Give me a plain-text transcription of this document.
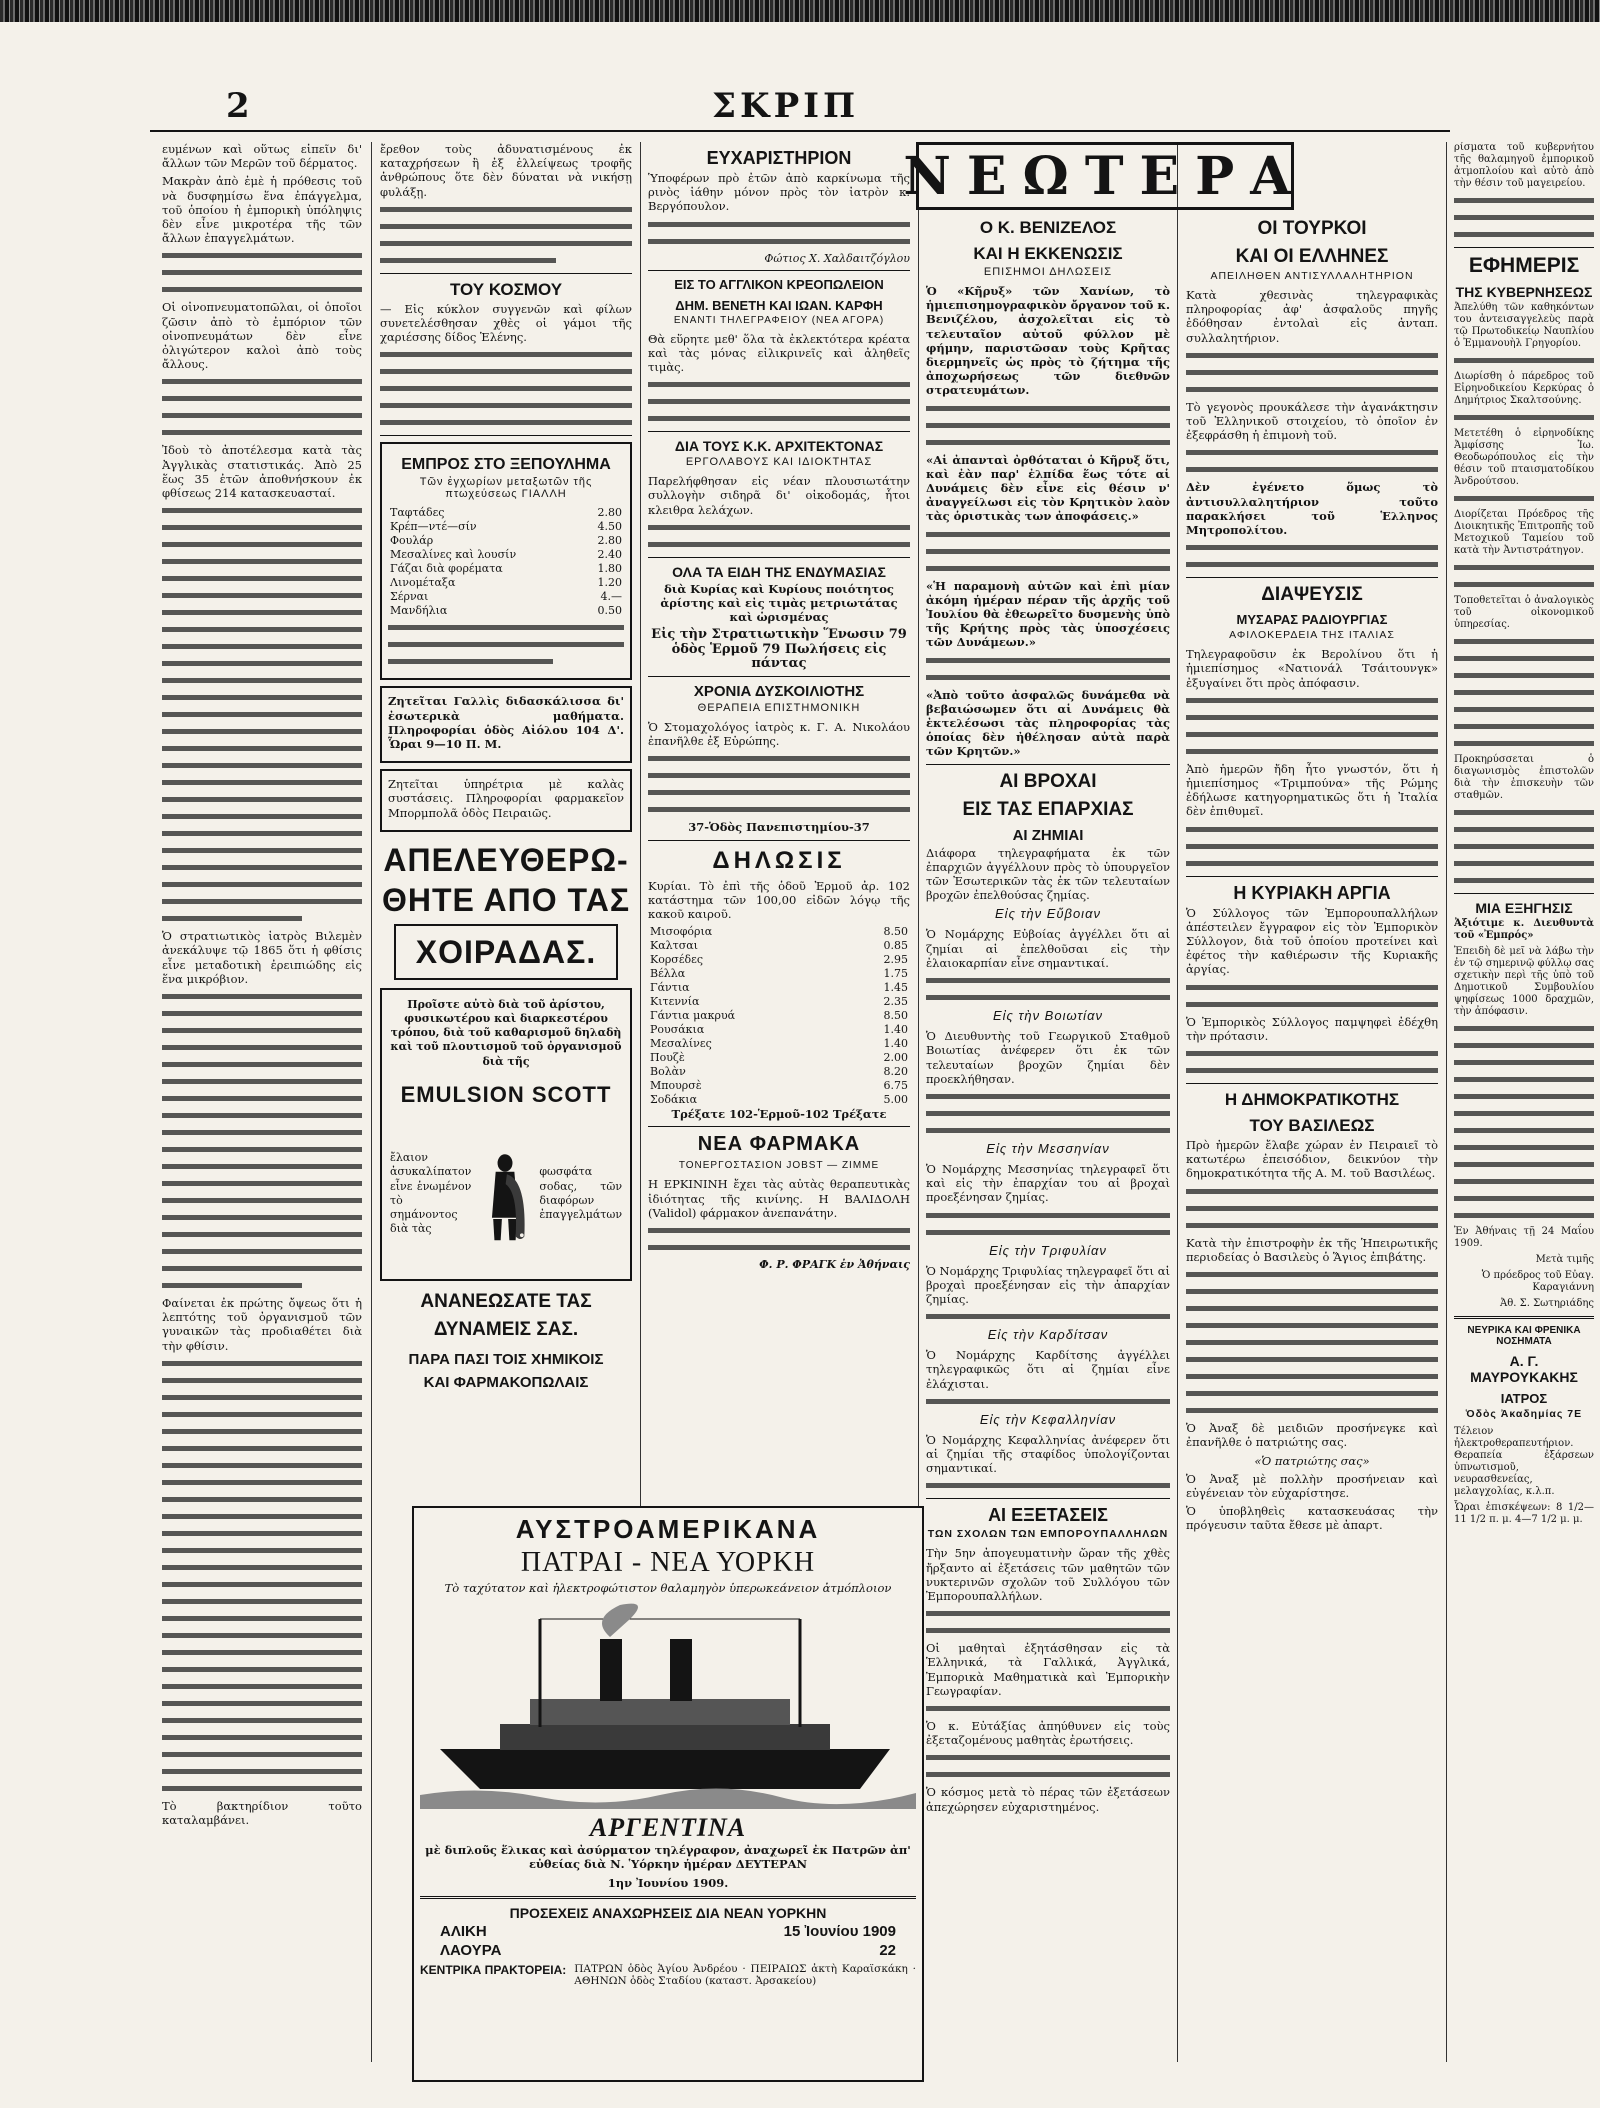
2	ΣΚΡΙΠ

ευμένων καὶ οὕτως εἰπεῖν δι' ἄλλων τῶν Μερῶν τοῦ δέρματος.

Μακρὰν ἀπὸ ἐμὲ ἡ πρόθεσις τοῦ νὰ δυσφημίσω ἕνα ἐπάγγελμα, τοῦ ὁποίου ἡ ἐμπορικὴ ὑπόληψις δὲν εἶνε μικροτέρα τῆς τῶν ἄλλων ἐπαγγελμάτων.

Οἱ οἰνοπνευματοπῶλαι, οἱ ὁποῖοι ζῶσιν ἀπὸ τὸ ἐμπόριον τῶν οἰνοπνευμάτων δὲν εἶνε ὀλιγώτερον καλοὶ ἀπὸ τοὺς ἄλλους.

Ἰδοὺ τὸ ἀποτέλεσμα κατὰ τὰς Ἀγγλικὰς στατιστικάς. Ἀπὸ 25 ἕως 35 ἐτῶν ἀποθνήσκουν ἐκ φθίσεως 214 κατασκευασταί.

Ὁ στρατιωτικὸς ἰατρὸς Βιλεμὲν ἀνεκάλυψε τῷ 1865 ὅτι ἡ φθίσις εἶνε μεταδοτικὴ ἐρειπιώδης εἰς ἕνα μικρόβιον.

Φαίνεται ἐκ πρώτης ὄψεως ὅτι ἡ λεπτότης τοῦ ὀργανισμοῦ τῶν γυναικῶν τὰς προδιαθέτει διὰ τὴν φθίσιν.

Τὸ βακτηρίδιον τοῦτο καταλαμβάνει.

ἔρεθον τοὺς ἀδυνατισμένους ἐκ καταχρήσεων ἢ ἐξ ἐλλείψεως τροφῆς ἀνθρώπους ὅτε δὲν δύναται νὰ νικήσῃ φυλάξῃ.

ΤΟΥ ΚΟΣΜΟΥ

— Εἰς κύκλον συγγενῶν καὶ φίλων συνετελέσθησαν χθὲς οἱ γάμοι τῆς χαριέσσης δίδος Ἑλένης.

ΕΜΠΡΟΣ ΣΤΟ ΞΕΠΟΥΛΗΜΑ
Τῶν ἐγχωρίων μεταξωτῶν τῆς πτωχεύσεως ΓΙΑΛΛΗ
Ταφτάδες	2.80
Κρέπ—ντέ—σίν	4.50
Φουλάρ	2.80
Μεσαλίνες καὶ λουσίν	2.40
Γάζαι διὰ φορέματα	1.80
Λινομέταξα	1.20
Σέρναι	4.—
Μανδήλια	0.50

Ζητεῖται Γαλλὶς διδασκάλισσα δι' ἐσωτερικὰ μαθήματα. Πληροφορίαι ὁδὸς Αἰόλου 104 Δ'. Ὧραι 9—10 Π. Μ.

Ζητεῖται ὑπηρέτρια μὲ καλὰς συστάσεις. Πληροφορίαι φαρμακεῖον Μπορμπολᾶ ὁδὸς Πειραιῶς.

ΑΠΕΛΕΥΘΕΡΩ-
ΘΗΤΕ ΑΠΟ ΤΑΣ
ΧΟΙΡΑΔΑΣ.

Προῖστε αὐτὸ διὰ τοῦ ἀρίστου, φυσικωτέρου καὶ διαρκεστέρου τρόπου, διὰ τοῦ καθαρισμοῦ δηλαδὴ καὶ τοῦ πλουτισμοῦ τοῦ ὀργανισμοῦ διὰ τῆς

EMULSION SCOTT

ἔλαιον ἀσυκαλίπατον εἶνε ἑνωμένον τὸ σημάνοντος διὰ τὰς

φωσφάτα σοδας, τῶν διαφόρων ἐπαγγελμάτων

ΑΝΑΝΕΩΣΑΤΕ ΤΑΣ
ΔΥΝΑΜΕΙΣ ΣΑΣ.
ΠΑΡΑ ΠΑΣΙ ΤΟΙΣ ΧΗΜΙΚΟΙΣ
ΚΑΙ ΦΑΡΜΑΚΟΠΩΛΑΙΣ
ΕΥΧΑΡΙΣΤΗΡΙΟΝ

Ὑποφέρων πρὸ ἐτῶν ἀπὸ καρκίνωμα τῆς ρινὸς ἰάθην μόνον πρὸς τὸν ἰατρὸν κ. Βεργόπουλον.

Φώτιος Χ. Χαλδαιτζόγλου
ΕΙΣ ΤΟ ΑΓΓΛΙΚΟΝ ΚΡΕΟΠΩΛΕΙΟΝ
ΔΗΜ. ΒΕΝΕΤΗ ΚΑΙ ΙΩΑΝ. ΚΑΡΦΗ
ΕΝΑΝΤΙ ΤΗΛΕΓΡΑΦΕΙΟΥ (ΝΕΑ ΑΓΟΡΑ)

Θὰ εὕρητε μεθ' ὅλα τὰ ἐκλεκτότερα κρέατα καὶ τὰς μόνας εἰλικρινεῖς καὶ ἀληθεῖς τιμὰς.

ΔΙΑ ΤΟΥΣ Κ.Κ. ΑΡΧΙΤΕΚΤΟΝΑΣ
ΕΡΓΟΛΑΒΟΥΣ ΚΑΙ ΙΔΙΟΚΤΗΤΑΣ

Παρελήφθησαν εἰς νέαν πλουσιωτάτην συλλογὴν σιδηρᾶ δι' οἰκοδομάς, ἧτοι κλειθρα λελάχων.

ΟΛΑ ΤΑ ΕΙΔΗ ΤΗΣ ΕΝΔΥΜΑΣΙΑΣ

διὰ Κυρίας καὶ Κυρίους ποιότητος ἀρίστης καὶ εἰς τιμὰς μετριωτάτας καὶ ὡρισμένας

Εἰς τὴν Στρατιωτικὴν Ἕνωσιν 79 ὁδὸς Ἑρμοῦ 79 Πωλήσεις εἰς πάντας

ΧΡΟΝΙΑ ΔΥΣΚΟΙΛΙΟΤΗΣ
ΘΕΡΑΠΕΙΑ ΕΠΙΣΤΗΜΟΝΙΚΗ

Ὁ Στομαχολόγος ἰατρὸς κ. Γ. Α. Νικολάου ἐπανῆλθε ἐξ Εὐρώπης.

37-Ὁδὸς Πανεπιστημίου-37

ΔΗΛΩΣΙΣ

Κυρίαι. Τὸ ἐπὶ τῆς ὁδοῦ Ἑρμοῦ ἀρ. 102 κατάστημα τῶν 100,00 εἰδῶν λόγῳ τῆς κακοῦ καιροῦ.

Μισοφόρια	8.50
Καλτσαι	0.85
Κορσέδες	2.95
Βέλλα	1.75
Γάντια	1.45
Κιτεννία	2.35
Γάντια μακρυά	8.50
Ρουσάκια	1.40
Μεσαλίνες	1.40
Πουζὲ	2.00
Βολὰν	8.20
Μπουρσὲ	6.75
Σοδάκια	5.00

Τρέξατε 102-Ἑρμοῦ-102 Τρέξατε

ΝΕΑ ΦΑΡΜΑΚΑ
ΤΟΝΕΡΓΟΣΤΑΣΙΟΝ JOBST — ZIMME

Η ΕΡΚΙΝΙΝΗ ἔχει τὰς αὐτὰς θεραπευτικὰς ἰδιότητας τῆς κινίνης. Η ΒΑΛΙΔΟΛΗ (Validol) φάρμακον ἀνεπανάτην.

Φ. Ρ. ΦΡΑΓΚ ἐν Ἀθήναις
ΑΥΣΤΡΟΑΜΕΡΙΚΑΝΑ
ΠΑΤΡΑΙ - ΝΕΑ ΥΟΡΚΗ

Τὸ ταχύτατον καὶ ἠλεκτροφώτιστον θαλαμηγὸν ὑπερωκεάνειον ἀτμόπλοιον

ΑΡΓΕΝΤΙΝΑ

μὲ διπλοῦς ἕλικας καὶ ἀσύρματον τηλέγραφον, ἀναχωρεῖ ἐκ Πατρῶν ἀπ' εὐθείας διὰ Ν. Ὑόρκην ἡμέραν ΔΕΥΤΕΡΑΝ

1ην Ἰουνίου 1909.

ΠΡΟΣΕΧΕΙΣ ΑΝΑΧΩΡΗΣΕΙΣ ΔΙΑ ΝΕΑΝ ΥΟΡΚΗΝ
ΑΛΙΚΗ	15 Ἰουνίου 1909
ΛΑΟΥΡΑ	22
ΚΕΝΤΡΙΚΑ ΠΡΑΚΤΟΡΕΙΑ: ΠΑΤΡΩΝ ὁδὸς Ἁγίου Ἀνδρέου · ΠΕΙΡΑΙΩΣ ἀκτὴ Καραϊσκάκη · ΑΘΗΝΩΝ ὁδὸς Σταδίου (καταστ. Ἀρσακείου)
ΝΕΩΤΕΡΑ
Ο Κ. ΒΕΝΙΖΕΛΟΣ
ΚΑΙ Η ΕΚΚΕΝΩΣΙΣ
ΕΠΙΣΗΜΟΙ ΔΗΛΩΣΕΙΣ

Ὁ «Κῆρυξ» τῶν Χανίων, τὸ ἡμιεπισημογραφικὸν ὄργανον τοῦ κ. Βενιζέλου, ἀσχολεῖται εἰς τὸ τελευταῖον αὐτοῦ φύλλον μὲ φήμην, παριστῶσαν τοὺς Κρῆτας διερμηνεῖς ὡς πρὸς τὸ ζήτημα τῆς ἀποχωρήσεως τῶν διεθνῶν στρατευμάτων.

«Αἱ ἀπανταὶ ὀρθόταται ὁ Κῆρυξ ὅτι, καὶ ἐὰν παρ' ἐλπίδα ἕως τότε αἱ Δυνάμεις δὲν εἶνε εἰς θέσιν ν' ἀναγγείλωσι εἰς τὸν Κρητικὸν λαὸν τὰς ὁριστικὰς των ἀποφάσεις.»

«Ἡ παραμονὴ αὐτῶν καὶ ἐπὶ μίαν ἀκόμη ἡμέραν πέραν τῆς ἀρχῆς τοῦ Ἰουλίου θὰ ἐθεωρεῖτο δυσμενὴς ὑπὸ τῆς Κρήτης πρὸς τὰς ὑποσχέσεις τῶν Δυνάμεων.»

«Ἀπὸ τοῦτο ἀσφαλῶς δυνάμεθα νὰ βεβαιώσωμεν ὅτι αἱ Δυνάμεις θὰ ἐκτελέσωσι τὰς πληροφορίας τὰς ὁποίας δὲν ἠθέλησαν αὐτὰ παρὰ τῶν Κρητῶν.»

ΑΙ ΒΡΟΧΑΙ
ΕΙΣ ΤΑΣ ΕΠΑΡΧΙΑΣ
ΑΙ ΖΗΜΙΑΙ

Διάφορα τηλεγραφήματα ἐκ τῶν ἐπαρχιῶν ἀγγέλλουν πρὸς τὸ ὑπουργεῖον τῶν Ἐσωτερικῶν τὰς ἐκ τῶν τελευταίων βροχῶν ἐπελθούσας ζημίας.

Εἰς τὴν Εὔβοιαν

Ὁ Νομάρχης Εὐβοίας ἀγγέλλει ὅτι αἱ ζημίαι αἱ ἐπελθοῦσαι εἰς τὴν ἐλαιοκαρπίαν εἶνε σημαντικαί.

Εἰς τὴν Βοιωτίαν

Ὁ Διευθυντὴς τοῦ Γεωργικοῦ Σταθμοῦ Βοιωτίας ἀνέφερεν ὅτι ἐκ τῶν τελευταίων βροχῶν ζημίαι δὲν προεκλήθησαν.

Εἰς τὴν Μεσσηνίαν

Ὁ Νομάρχης Μεσσηνίας τηλεγραφεῖ ὅτι καὶ εἰς τὴν ἐπαρχίαν του αἱ βροχαὶ προεξένησαν ζημίας.

Εἰς τὴν Τριφυλίαν

Ὁ Νομάρχης Τριφυλίας τηλεγραφεῖ ὅτι αἱ βροχαὶ προεξένησαν εἰς τὴν ἀπαρχίαν ζημίας.

Εἰς τὴν Καρδίτσαν

Ὁ Νομάρχης Καρδίτσης ἀγγέλλει τηλεγραφικῶς ὅτι αἱ ζημίαι εἶνε ἐλάχισται.

Εἰς τὴν Κεφαλληνίαν

Ὁ Νομάρχης Κεφαλληνίας ἀνέφερεν ὅτι αἱ ζημίαι τῆς σταφίδος ὑπολογίζονται σημαντικαί.

ΑΙ ΕΞΕΤΑΣΕΙΣ
ΤΩΝ ΣΧΟΛΩΝ ΤΩΝ ΕΜΠΟΡΟΥΠΑΛΛΗΛΩΝ

Τὴν 5ην ἀπογευματινὴν ὥραν τῆς χθὲς ἤρξαντο αἱ ἐξετάσεις τῶν μαθητῶν τῶν νυκτερινῶν σχολῶν τοῦ Συλλόγου τῶν Ἐμπορουπαλλήλων.

Οἱ μαθηταὶ ἐξητάσθησαν εἰς τὰ Ἑλληνικά, τὰ Γαλλικά, Ἀγγλικά, Ἐμπορικὰ Μαθηματικὰ καὶ Ἐμπορικὴν Γεωγραφίαν.

Ὁ κ. Εὐτάξίας ἀπηύθυνεν εἰς τοὺς ἐξεταζομένους μαθητὰς ἐρωτήσεις.

Ὁ κόσμος μετὰ τὸ πέρας τῶν ἐξετάσεων ἀπεχώρησεν εὐχαριστημένος.

ΟΙ ΤΟΥΡΚΟΙ
ΚΑΙ ΟΙ ΕΛΛΗΝΕΣ
ΑΠΕΙΛΗΘΕΝ ΑΝΤΙΣΥΛΛΑΛΗΤΗΡΙΟΝ

Κατὰ χθεσινὰς τηλεγραφικὰς πληροφορίας ἀφ' ἀσφαλοῦς πηγῆς ἐδόθησαν ἐντολαὶ εἰς ἀνταπ. συλλαλητήριον.

Τὸ γεγονὸς προυκάλεσε τὴν ἀγανάκτησιν τοῦ Ἑλληνικοῦ στοιχείου, τὸ ὁποῖον ἐν ἐξεφράσθη ἡ ἐπιμονὴ τοῦ.

Δὲν ἐγένετο ὅμως τὸ ἀντισυλλαλητήριον τοῦτο παρακλήσει τοῦ Ἑλληνος Μητροπολίτου.

ΔΙΑΨΕΥΣΙΣ
ΜΥΣΑΡΑΣ ΡΑΔΙΟΥΡΓΙΑΣ
ΑΦΙΛΟΚΕΡΔΕΙΑ ΤΗΣ ΙΤΑΛΙΑΣ

Τηλεγραφοῦσιν ἐκ Βερολίνου ὅτι ἡ ἡμιεπίσημος «Νατιονάλ Τσάιτουνγκ» ἐξυγαίνει ὅτι πρὸς ἀπόφασιν.

Ἀπὸ ἡμερῶν ἤδη ἦτο γνωστόν, ὅτι ἡ ἡμιεπίσημος «Τριμπούνα» τῆς Ρώμης ἐδήλωσε κατηγορηματικῶς ὅτι ἡ Ἰταλία δὲν ἐπιθυμεῖ.

Η ΚΥΡΙΑΚΗ ΑΡΓΙΑ

Ὁ Σύλλογος τῶν Ἐμπορουπαλλήλων ἀπέστειλεν ἔγγραφον εἰς τὸν Ἐμπορικὸν Σύλλογον, διὰ τοῦ ὁποίου προτείνει καὶ ἐφέτος τὴν καθιέρωσιν τῆς Κυριακῆς ἀργίας.

Ὁ Ἐμπορικὸς Σύλλογος παμψηφεὶ ἐδέχθη τὴν πρότασιν.

Η ΔΗΜΟΚΡΑΤΙΚΟΤΗΣ
ΤΟΥ ΒΑΣΙΛΕΩΣ

Πρὸ ἡμερῶν ἔλαβε χώραν ἐν Πειραιεῖ τὸ κατωτέρω ἐπεισόδιον, δεικνύον τὴν δημοκρατικότητα τῆς Α. Μ. τοῦ Βασιλέως.

Κατὰ τὴν ἐπιστροφὴν ἐκ τῆς Ἡπειρωτικῆς περιοδείας ὁ Βασιλεὺς ὁ Ἅγιος ἐπιβάτης.

Ὁ Ἀναξ δὲ μειδιῶν προσήνεγκε καὶ ἐπανῆλθε ὁ πατριώτης σας.

«Ὁ πατριώτης σας»

Ὁ Ἀναξ μὲ πολλὴν προσήνειαν καὶ εὐγένειαν τὸν εὐχαρίστησε.

Ὁ ὑποβληθεὶς κατασκευάσας τὴν πρόγευσιν ταῦτα ἔθεσε μὲ ἀπαρτ.

ρίσματα τοῦ κυβερνήτου τῆς θαλαμηγοῦ ἐμπορικοῦ ἀτμοπλοίου καὶ αὐτὸ ἀπὸ τὴν θέσιν τοῦ μαγειρείου.

ΕΦΗΜΕΡΙΣ
ΤΗΣ ΚΥΒΕΡΝΗΣΕΩΣ

Ἀπελύθη τῶν καθηκόντων του ἀντεισαγγελεὺς παρὰ τῷ Πρωτοδικείῳ Ναυπλίου ὁ Ἐμμανουὴλ Γρηγορίου.

Διωρίσθη ὁ πάρεδρος τοῦ Εἰρηνοδικείου Κερκύρας ὁ Δημήτριος Σκαλτσούνης.

Μετετέθη ὁ εἰρηνοδίκης Ἀμφίσσης Ἰω. Θεοδωρόπουλος εἰς τὴν θέσιν τοῦ πταισματοδίκου Ἀνδρούτσου.

Διορίζεται Πρόεδρος τῆς Διοικητικῆς Ἐπιτροπῆς τοῦ Μετοχικοῦ Ταμείου τοῦ κατὰ τὴν Ἀντιστράτηγον.

Τοποθετεῖται ὁ ἀναλογικὸς τοῦ οἰκονομικοῦ ὑπηρεσίας.

Προκηρύσσεται ὁ διαγωνισμὸς ἐπιστολῶν διὰ τὴν ἐπισκευὴν τῶν σταθμῶν.

ΜΙΑ ΕΞΗΓΗΣΙΣ

Ἀξιότιμε κ. Διευθυντὰ τοῦ «Ἐμπρός»

Ἐπειδὴ δὲ μεῖ νὰ λάβω τὴν ἐν τῷ σημερινῷ φύλλῳ σας σχετικὴν περὶ τῆς ὑπὸ τοῦ Δημοτικοῦ Συμβουλίου ψηφίσεως 1000 δραχμῶν, τὴν ἀπόφασιν.

Ἐν Ἀθήναις τῇ 24 Μαΐου 1909.

Μετὰ τιμῆς

Ὁ πρόεδρος τοῦ Εὐαγ. Καραγιάννη

Ἀθ. Σ. Σωτηριάδης

ΝΕΥΡΙΚΑ ΚΑΙ ΦΡΕΝΙΚΑ ΝΟΣΗΜΑΤΑ
Α. Γ. ΜΑΥΡΟΥΚΑΚΗΣ
ΙΑΤΡΟΣ
Ὁδὸς Ἀκαδημίας 7Ε

Τέλειον ἠλεκτροθεραπευτήριον. Θεραπεία ἐξάρσεων ὑπνωτισμοῦ, νευρασθενείας, μελαγχολίας, κ.λ.π.

Ὧραι ἐπισκέψεων: 8 1/2—11 1/2 π. μ. 4—7 1/2 μ. μ.
